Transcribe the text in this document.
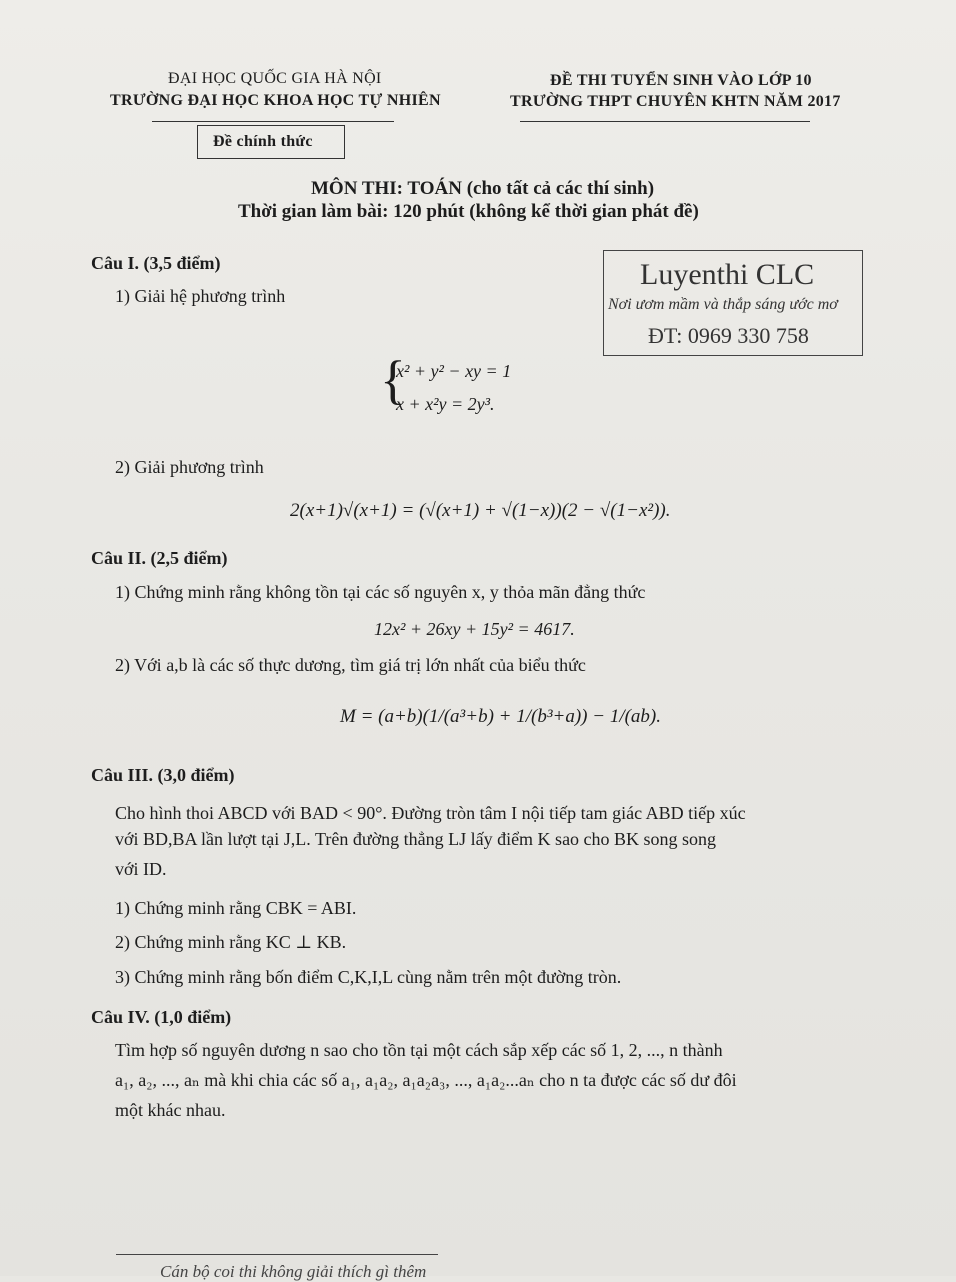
ĐẠI HỌC QUỐC GIA HÀ NỘI
TRƯỜNG ĐẠI HỌC KHOA HỌC TỰ NHIÊN
ĐỀ THI TUYỂN SINH VÀO LỚP 10
TRƯỜNG THPT CHUYÊN KHTN NĂM 2017
Đề chính thức
MÔN THI: TOÁN (cho tất cả các thí sinh)
Thời gian làm bài: 120 phút (không kể thời gian phát đề)
Luyenthi CLC
Nơi ươm mầm và thắp sáng ước mơ
ĐT: 0969 330 758
Câu I. (3,5 điểm)
1) Giải hệ phương trình
{
x² + y² − xy = 1
x + x²y = 2y³.
2) Giải phương trình
2(x+1)√(x+1) = (√(x+1) + √(1−x))(2 − √(1−x²)).
Câu II. (2,5 điểm)
1) Chứng minh rằng không tồn tại các số nguyên x, y thỏa mãn đẳng thức
12x² + 26xy + 15y² = 4617.
2) Với a,b là các số thực dương, tìm giá trị lớn nhất của biểu thức
M = (a+b)(1/(a³+b) + 1/(b³+a)) − 1/(ab).
Câu III. (3,0 điểm)
Cho hình thoi ABCD với BAD < 90°. Đường tròn tâm I nội tiếp tam giác ABD tiếp xúc
với BD,BA lần lượt tại J,L. Trên đường thẳng LJ lấy điểm K sao cho BK song song
với ID.
1) Chứng minh rằng CBK = ABI.
2) Chứng minh rằng KC ⊥ KB.
3) Chứng minh rằng bốn điểm C,K,I,L cùng nằm trên một đường tròn.
Câu IV. (1,0 điểm)
Tìm hợp số nguyên dương n sao cho tồn tại một cách sắp xếp các số 1, 2, ..., n thành
a₁, a₂, ..., aₙ mà khi chia các số a₁, a₁a₂, a₁a₂a₃, ..., a₁a₂...aₙ cho n ta được các số dư đôi
một khác nhau.
Cán bộ coi thi không giải thích gì thêm
